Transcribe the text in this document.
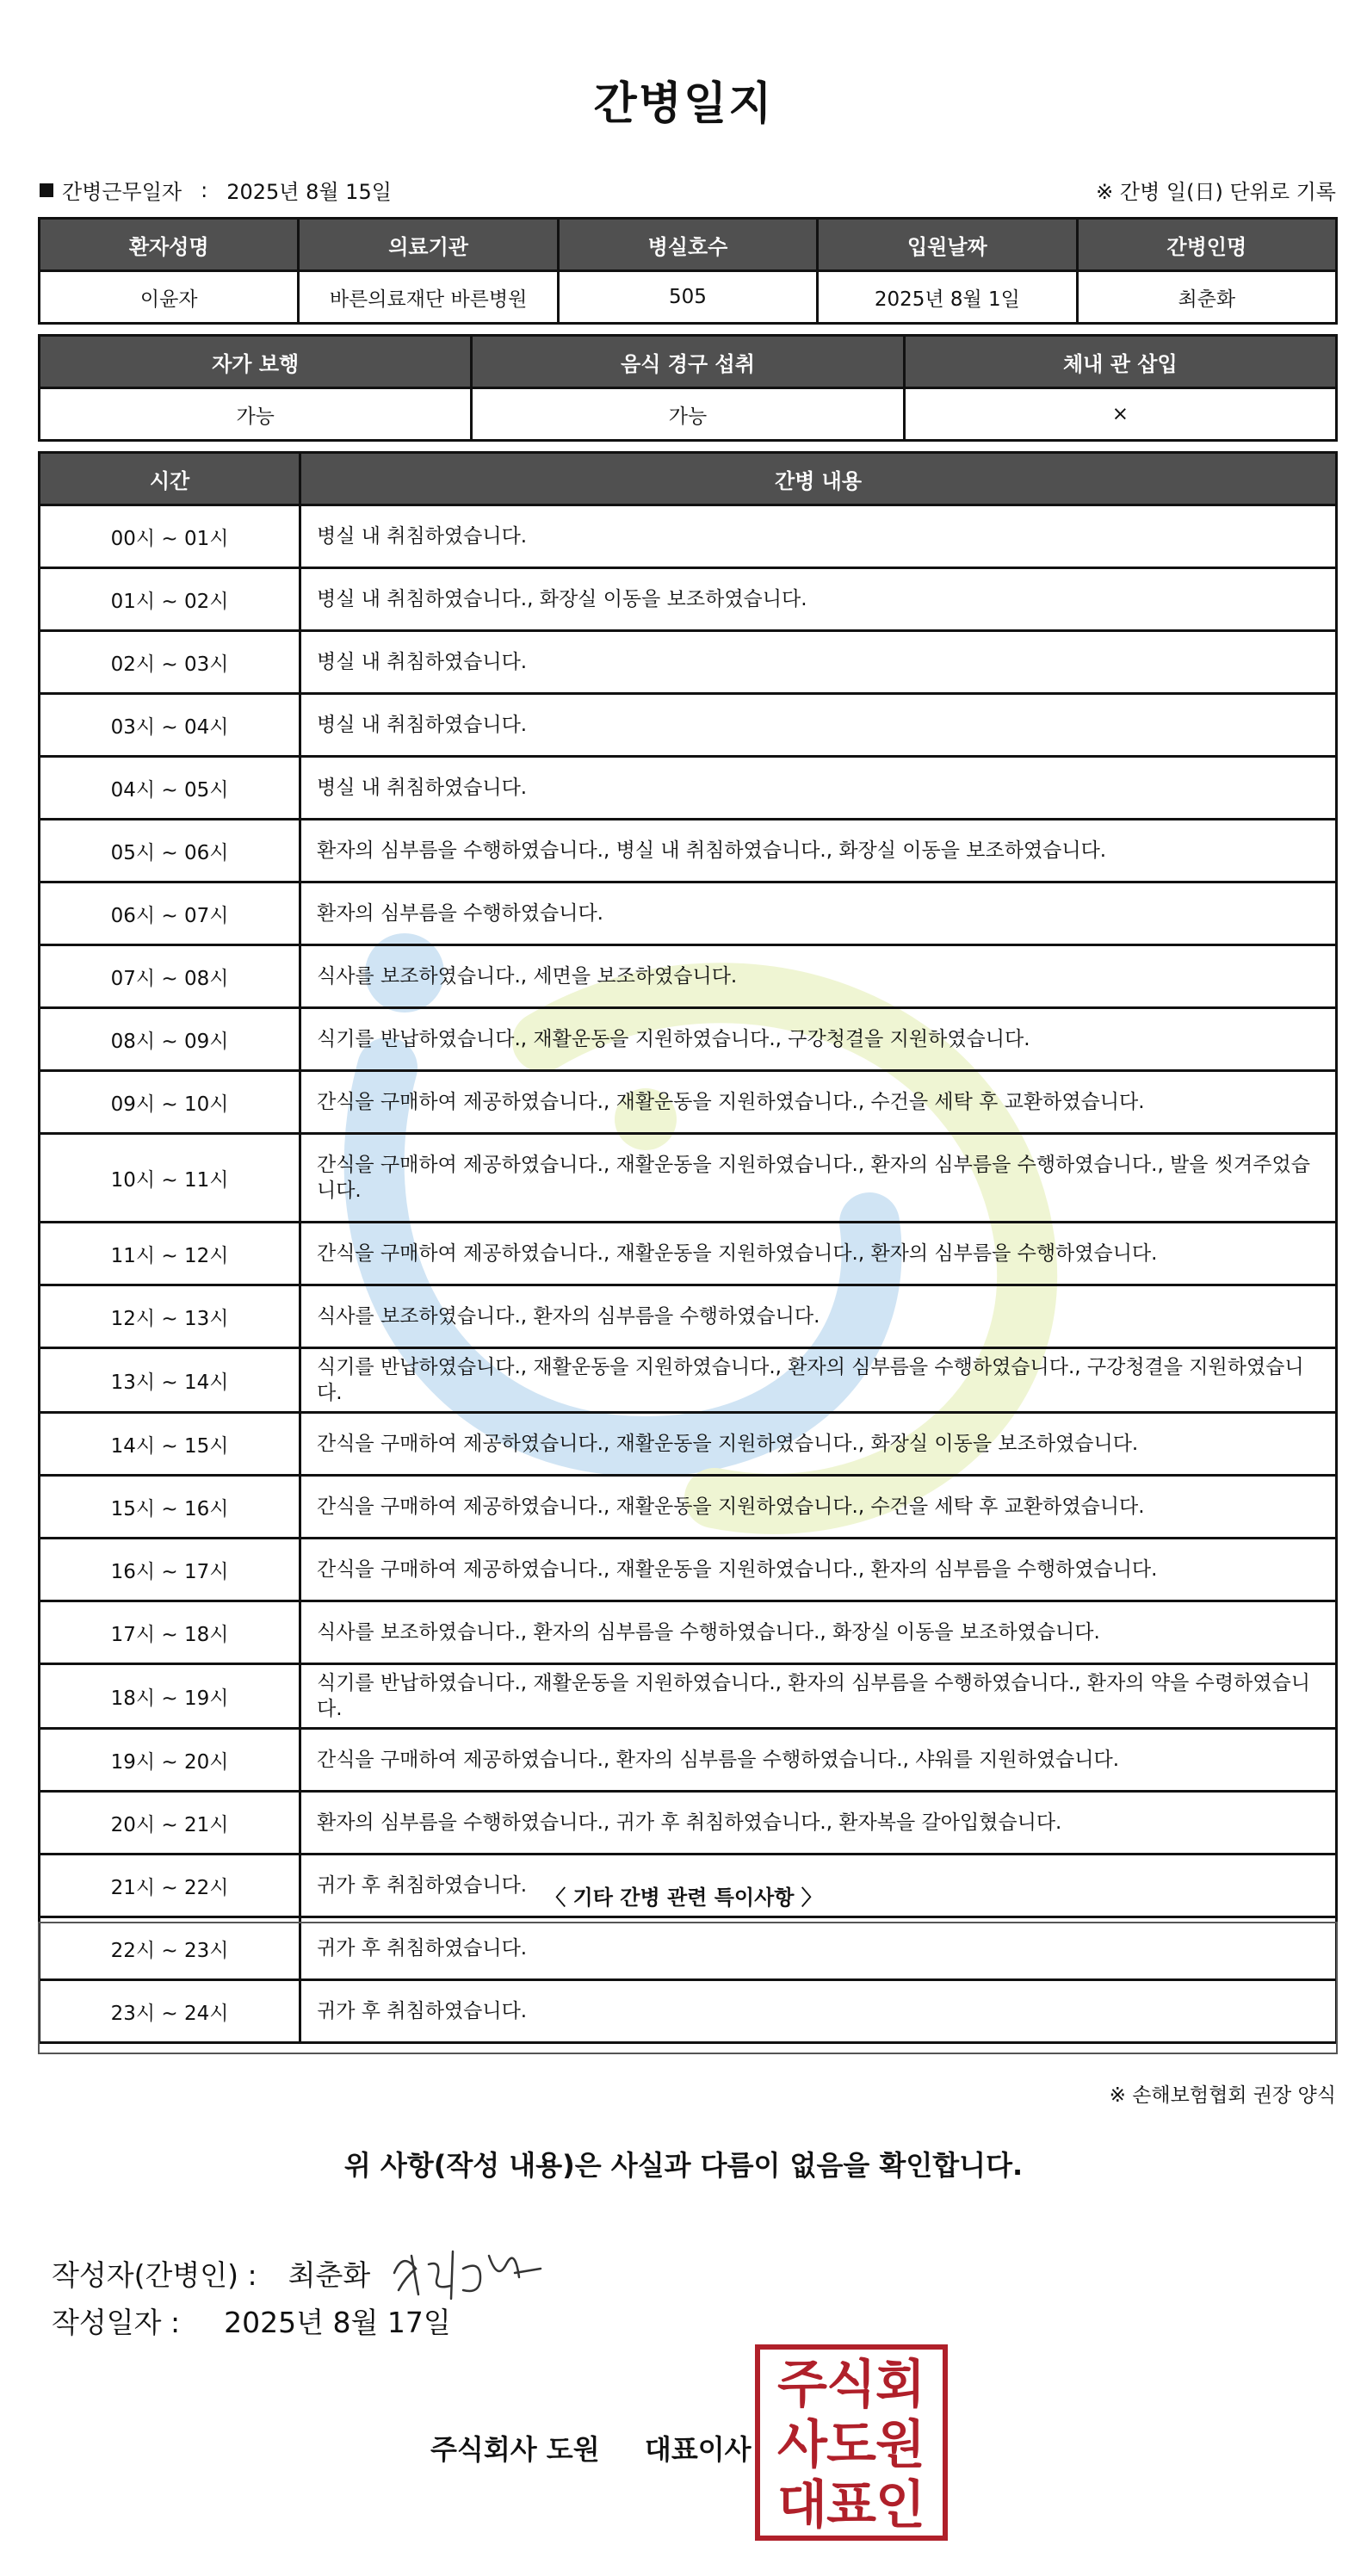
간병일지
간병근무일자 : 2025년 8월 15일	※ 간병 일(日) 단위로 기록
환자성명	의료기관	병실호수	입원날짜	간병인명
이윤자	바른의료재단 바른병원	505	2025년 8월 1일	최춘화
자가 보행	음식 경구 섭취	체내 관 삽입
가능	가능	×
시간	간병 내용
00시 ~ 01시	병실 내 취침하였습니다.
01시 ~ 02시	병실 내 취침하였습니다., 화장실 이동을 보조하였습니다.
02시 ~ 03시	병실 내 취침하였습니다.
03시 ~ 04시	병실 내 취침하였습니다.
04시 ~ 05시	병실 내 취침하였습니다.
05시 ~ 06시	환자의 심부름을 수행하였습니다., 병실 내 취침하였습니다., 화장실 이동을 보조하였습니다.
06시 ~ 07시	환자의 심부름을 수행하였습니다.
07시 ~ 08시	식사를 보조하였습니다., 세면을 보조하였습니다.
08시 ~ 09시	식기를 반납하였습니다., 재활운동을 지원하였습니다., 구강청결을 지원하였습니다.
09시 ~ 10시	간식을 구매하여 제공하였습니다., 재활운동을 지원하였습니다., 수건을 세탁 후 교환하였습니다.
10시 ~ 11시	간식을 구매하여 제공하였습니다., 재활운동을 지원하였습니다., 환자의 심부름을 수행하였습니다., 발을 씻겨주었습니다.
11시 ~ 12시	간식을 구매하여 제공하였습니다., 재활운동을 지원하였습니다., 환자의 심부름을 수행하였습니다.
12시 ~ 13시	식사를 보조하였습니다., 환자의 심부름을 수행하였습니다.
13시 ~ 14시	식기를 반납하였습니다., 재활운동을 지원하였습니다., 환자의 심부름을 수행하였습니다., 구강청결을 지원하였습니다.
14시 ~ 15시	간식을 구매하여 제공하였습니다., 재활운동을 지원하였습니다., 화장실 이동을 보조하였습니다.
15시 ~ 16시	간식을 구매하여 제공하였습니다., 재활운동을 지원하였습니다., 수건을 세탁 후 교환하였습니다.
16시 ~ 17시	간식을 구매하여 제공하였습니다., 재활운동을 지원하였습니다., 환자의 심부름을 수행하였습니다.
17시 ~ 18시	식사를 보조하였습니다., 환자의 심부름을 수행하였습니다., 화장실 이동을 보조하였습니다.
18시 ~ 19시	식기를 반납하였습니다., 재활운동을 지원하였습니다., 환자의 심부름을 수행하였습니다., 환자의 약을 수령하였습니다.
19시 ~ 20시	간식을 구매하여 제공하였습니다., 환자의 심부름을 수행하였습니다., 샤워를 지원하였습니다.
20시 ~ 21시	환자의 심부름을 수행하였습니다., 귀가 후 취침하였습니다., 환자복을 갈아입혔습니다.
21시 ~ 22시	귀가 후 취침하였습니다.
22시 ~ 23시	귀가 후 취침하였습니다.
23시 ~ 24시	귀가 후 취침하였습니다.
〈 기타 간병 관련 특이사항 〉
※ 손해보험협회 권장 양식
위 사항(작성 내용)은 사실과 다름이 없음을 확인합니다.
작성자(간병인) : 최춘화
작성일자 : 2025년 8월 17일
주식회사 도원 대표이사
주 식 회
사 도 원
대 표 인
